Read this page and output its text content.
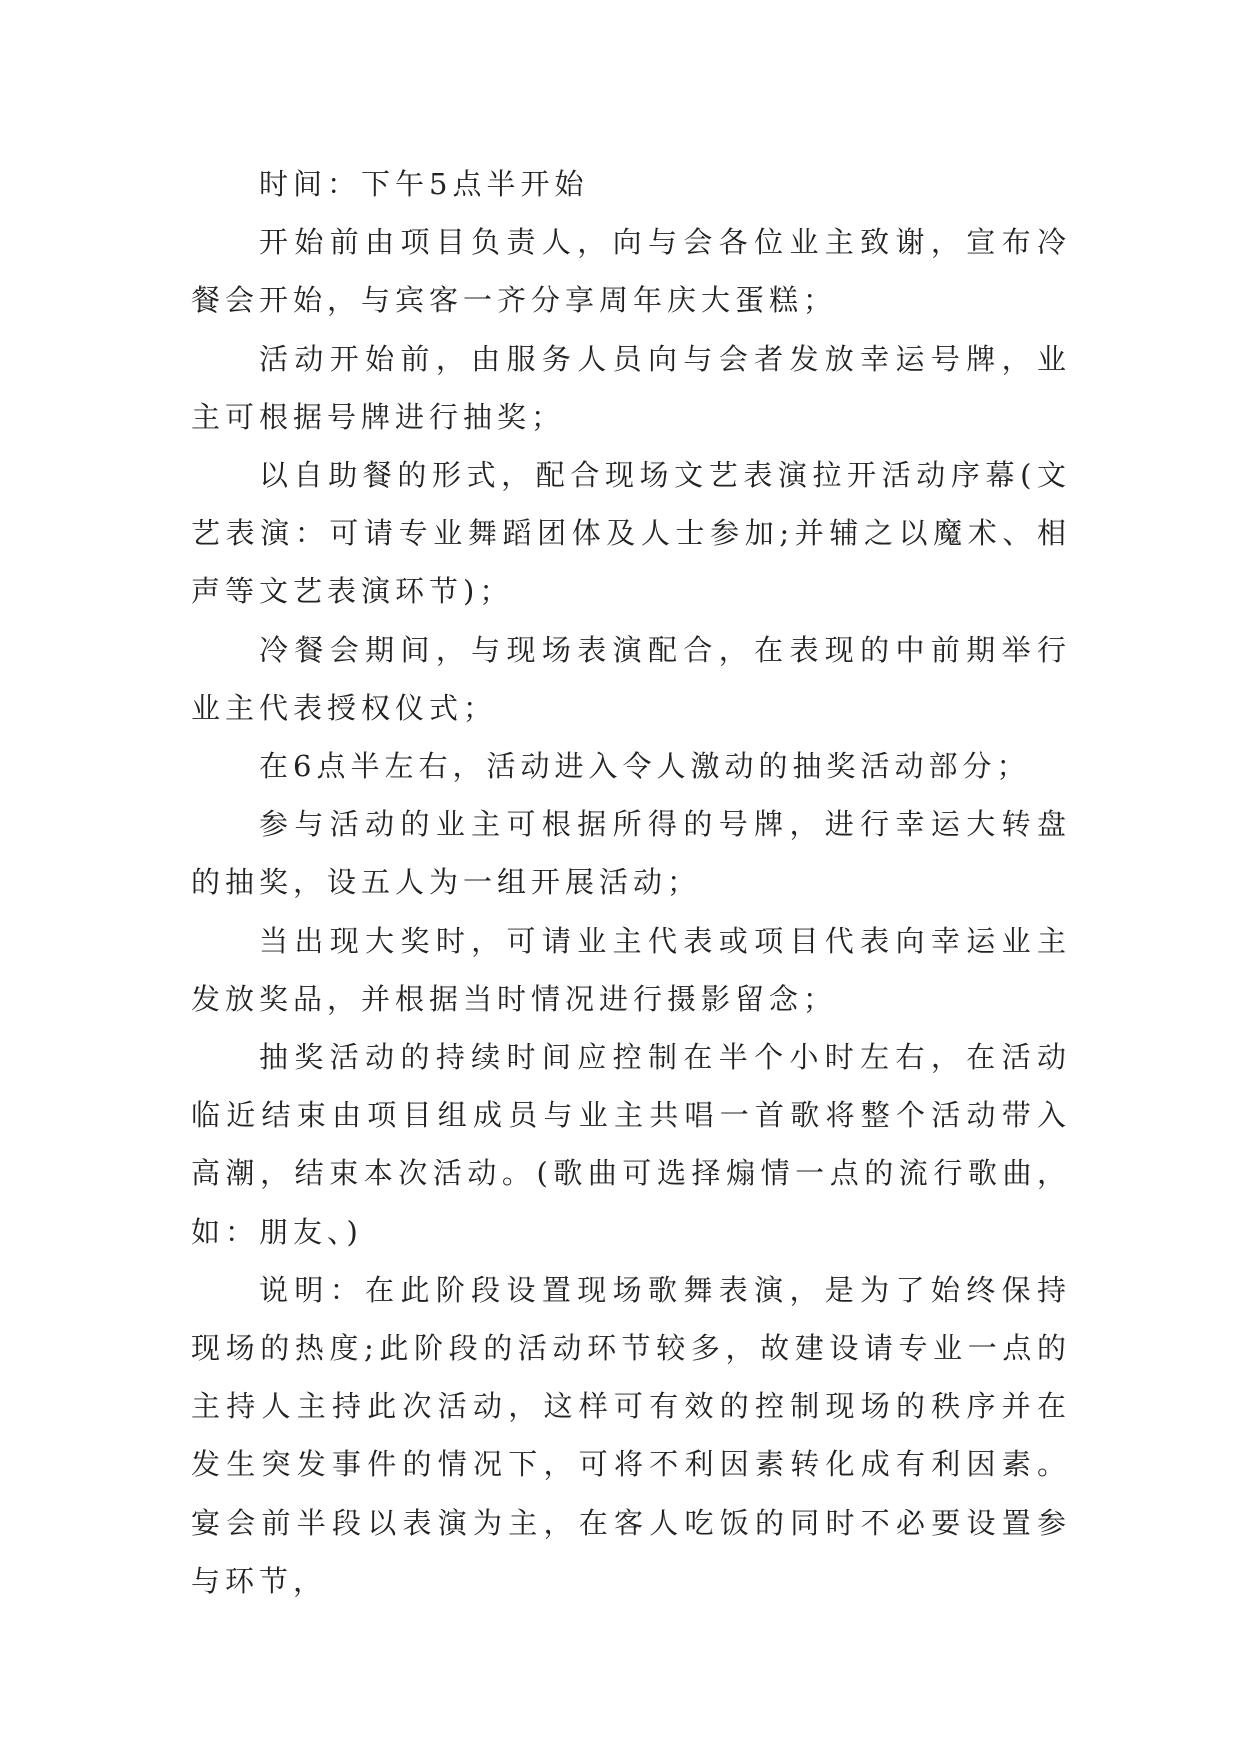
时间：下午5点半开始

开始前由项目负责人，向与会各位业主致谢，宣布冷餐会开始，与宾客一齐分享周年庆大蛋糕；

活动开始前，由服务人员向与会者发放幸运号牌，业主可根据号牌进行抽奖；

以自助餐的形式，配合现场文艺表演拉开活动序幕(文艺表演：可请专业舞蹈团体及人士参加;并辅之以魔术、相声等文艺表演环节)；

冷餐会期间，与现场表演配合，在表现的中前期举行业主代表授权仪式；

在6点半左右，活动进入令人激动的抽奖活动部分；

参与活动的业主可根据所得的号牌，进行幸运大转盘的抽奖，设五人为一组开展活动；

当出现大奖时，可请业主代表或项目代表向幸运业主发放奖品，并根据当时情况进行摄影留念；

抽奖活动的持续时间应控制在半个小时左右，在活动临近结束由项目组成员与业主共唱一首歌将整个活动带入高潮，结束本次活动。(歌曲可选择煽情一点的流行歌曲，如：朋友、)

说明：在此阶段设置现场歌舞表演，是为了始终保持现场的热度;此阶段的活动环节较多，故建设请专业一点的主持人主持此次活动，这样可有效的控制现场的秩序并在发生突发事件的情况下，可将不利因素转化成有利因素。宴会前半段以表演为主，在客人吃饭的同时不必要设置参与环节，
